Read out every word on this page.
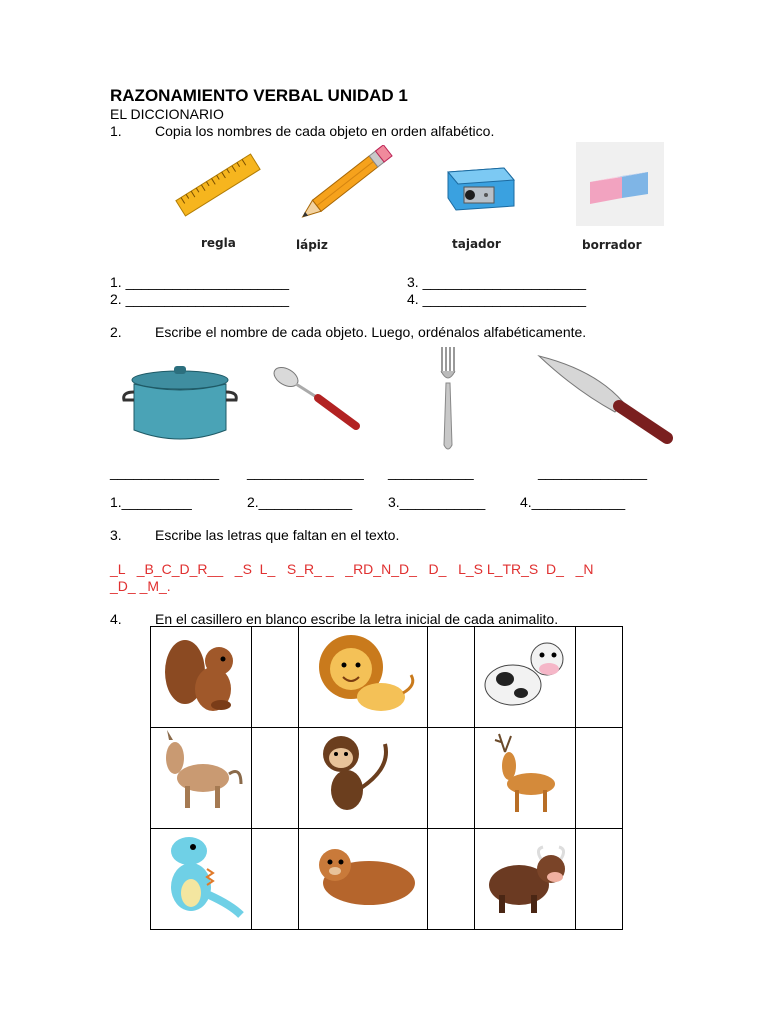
RAZONAMIENTO VERBAL UNIDAD 1
EL DICCIONARIO
1. Copia los nombres de cada objeto en orden alfabético.
regla	lápiz	tajador	borrador
1. _____________________
2. _____________________
3. _____________________
4. _____________________
2. Escribe el nombre de cada objeto. Luego, ordénalos alfabéticamente.
______________ _______________ ___________	______________
1._________	2.____________	3.___________ 4.____________
3. Escribe las letras que faltan en el texto.
_L   _B_C_D_R__   _S  L_   S_R_ _   _RD_N_D_   D_   L_S L_TR_S  D_   _N
_D_ _M_.
4. En el casillero en blanco escribe la letra inicial de cada animalito.
